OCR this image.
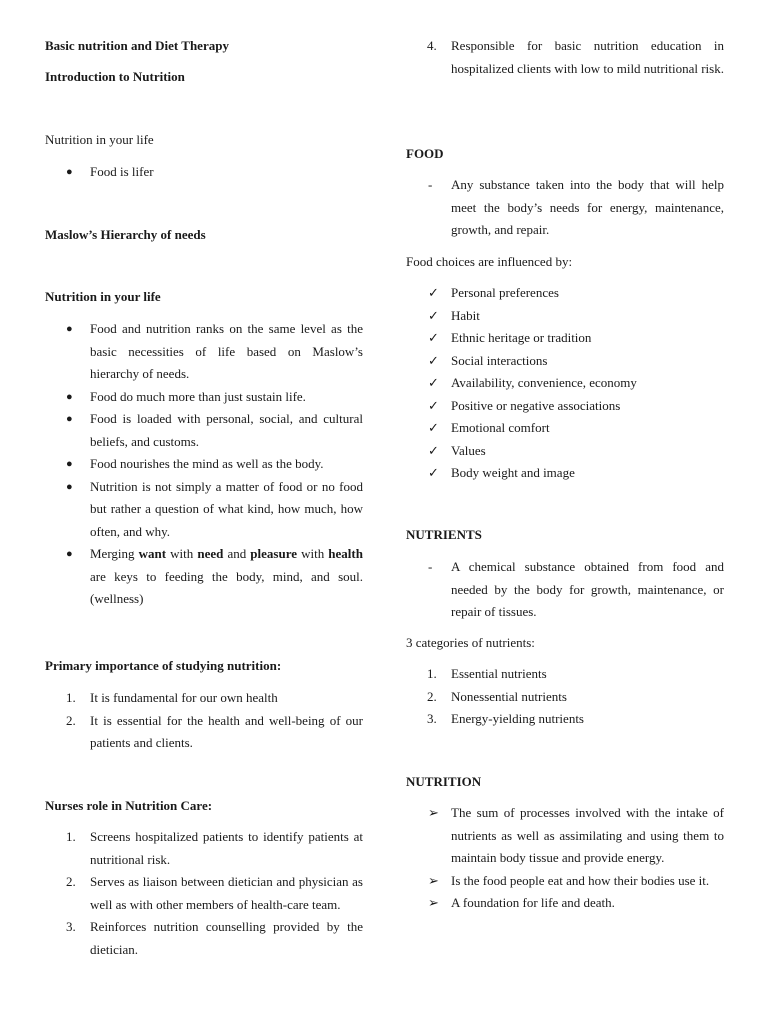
Basic nutrition and Diet Therapy

Introduction to Nutrition

Nutrition in your life

●	Food is lifer

Maslow’s Hierarchy of needs

Nutrition in your life

●	Food and nutrition ranks on the same level as the basic necessities of life based on Maslow’s hierarchy of needs.
●	Food do much more than just sustain life.
●	Food is loaded with personal, social, and cultural beliefs, and customs.
●	Food nourishes the mind as well as the body.
●	Nutrition is not simply a matter of food or no food but rather a question of what kind, how much, how often, and why.
●	Merging want with need and pleasure with health are keys to feeding the body, mind, and soul. (wellness)

Primary importance of studying nutrition:

1.	It is fundamental for our own health
2.	It is essential for the health and well-being of our patients and clients.

Nurses role in Nutrition Care:

1.	Screens hospitalized patients to identify patients at nutritional risk.
2.	Serves as liaison between dietician and physician as well as with other members of health-care team.
3.	Reinforces nutrition counselling provided by the dietician.
4.	Responsible for basic nutrition education in hospitalized clients with low to mild nutritional risk.

FOOD

-	Any substance taken into the body that will help meet the body’s needs for energy, maintenance, growth, and repair.

Food choices are influenced by:

✓ Personal preferences
✓ Habit
✓ Ethnic heritage or tradition
✓ Social interactions
✓ Availability, convenience, economy
✓ Positive or negative associations
✓ Emotional comfort
✓ Values
✓ Body weight and image

NUTRIENTS

-	A chemical substance obtained from food and needed by the body for growth, maintenance, or repair of tissues.

3 categories of nutrients:

1.	Essential nutrients
2.	Nonessential nutrients
3.	Energy-yielding nutrients

NUTRITION

➢ The sum of processes involved with the intake of nutrients as well as assimilating and using them to maintain body tissue and provide energy.
➢ Is the food people eat and how their bodies use it.
➢ A foundation for life and death.
